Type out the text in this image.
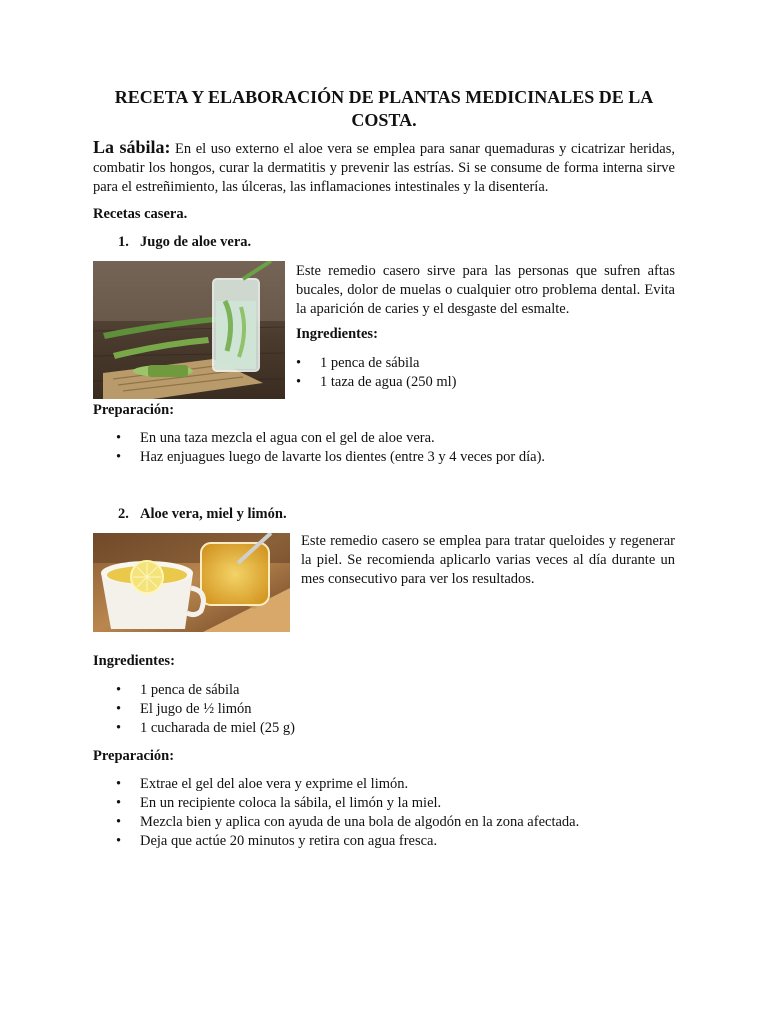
RECETA Y ELABORACIÓN DE PLANTAS MEDICINALES DE LA COSTA.

La sábila: En el uso externo el aloe vera se emplea para sanar quemaduras y cicatrizar heridas, combatir los hongos, curar la dermatitis y prevenir las estrías. Si se consume de forma interna sirve para el estreñimiento, las úlceras, las inflamaciones intestinales y la disentería.

Recetas casera.
1. Jugo de aloe vera.

Este remedio casero sirve para las personas que sufren aftas bucales, dolor de muelas o cualquier otro problema dental. Evita la aparición de caries y el desgaste del esmalte.

Ingredientes:
• 1 penca de sábila
• 1 taza de agua (250 ml)
Preparación:
• En una taza mezcla el agua con el gel de aloe vera.
• Haz enjuagues luego de lavarte los dientes (entre 3 y 4 veces por día).
2. Aloe vera, miel y limón.

Este remedio casero se emplea para tratar queloides y regenerar la piel. Se recomienda aplicarlo varias veces al día durante un mes consecutivo para ver los resultados.

Ingredientes:
• 1 penca de sábila
• El jugo de ½ limón
• 1 cucharada de miel (25 g)
Preparación:
• Extrae el gel del aloe vera y exprime el limón.
• En un recipiente coloca la sábila, el limón y la miel.
• Mezcla bien y aplica con ayuda de una bola de algodón en la zona afectada.
• Deja que actúe 20 minutos y retira con agua fresca.
